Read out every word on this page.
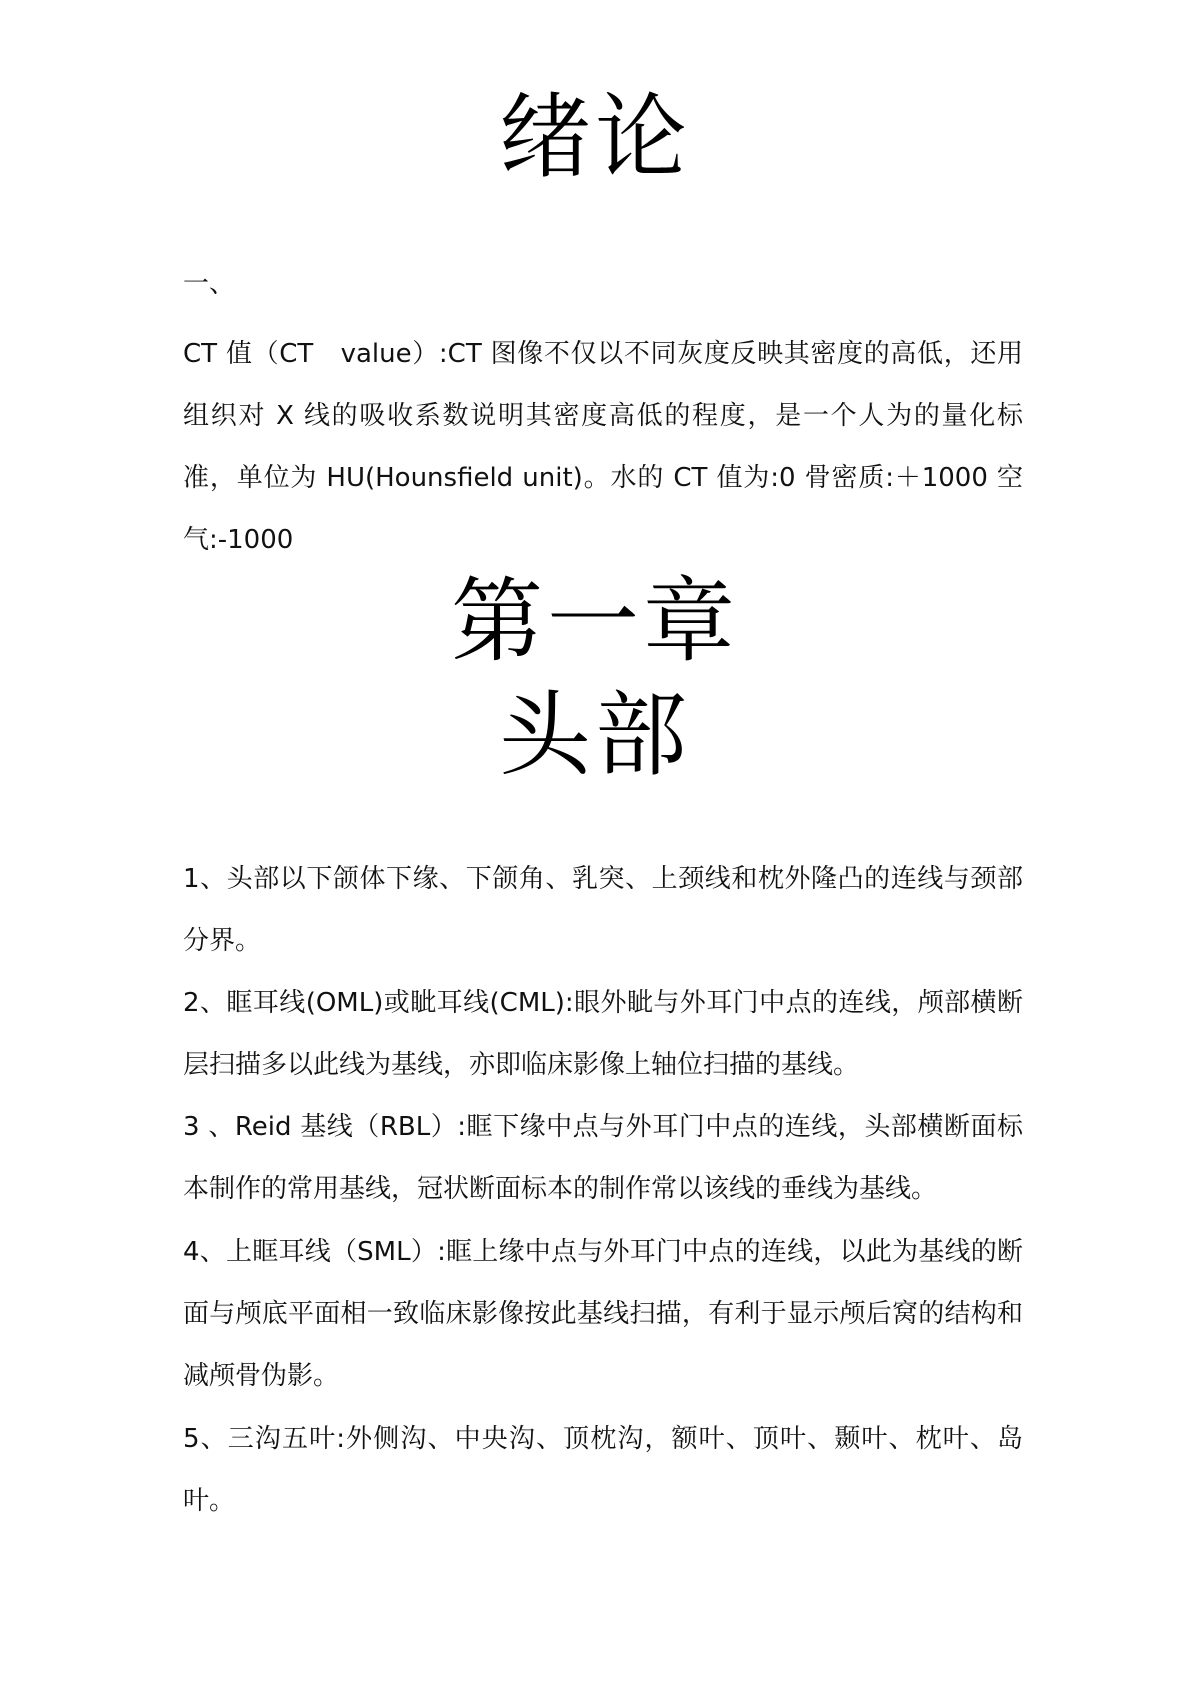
绪论
一、
CT 值（CT　value）:CT 图像不仅以不同灰度反映其密度的高低，还用组织对 X 线的吸收系数说明其密度高低的程度，是一个人为的量化标准，单位为 HU(Hounsfield unit)。水的 CT 值为:0 骨密质:＋1000 空气:-1000
第一章
头部
1、头部以下颌体下缘、下颌角、乳突、上颈线和枕外隆凸的连线与颈部分界。
2、眶耳线(OML)或眦耳线(CML):眼外眦与外耳门中点的连线，颅部横断层扫描多以此线为基线，亦即临床影像上轴位扫描的基线。
3 、Reid 基线（RBL）:眶下缘中点与外耳门中点的连线，头部横断面标本制作的常用基线，冠状断面标本的制作常以该线的垂线为基线。
4、上眶耳线（SML）:眶上缘中点与外耳门中点的连线，以此为基线的断面与颅底平面相一致临床影像按此基线扫描，有利于显示颅后窝的结构和减颅骨伪影。
5、三沟五叶:外侧沟、中央沟、顶枕沟，额叶、顶叶、颞叶、枕叶、岛叶。
